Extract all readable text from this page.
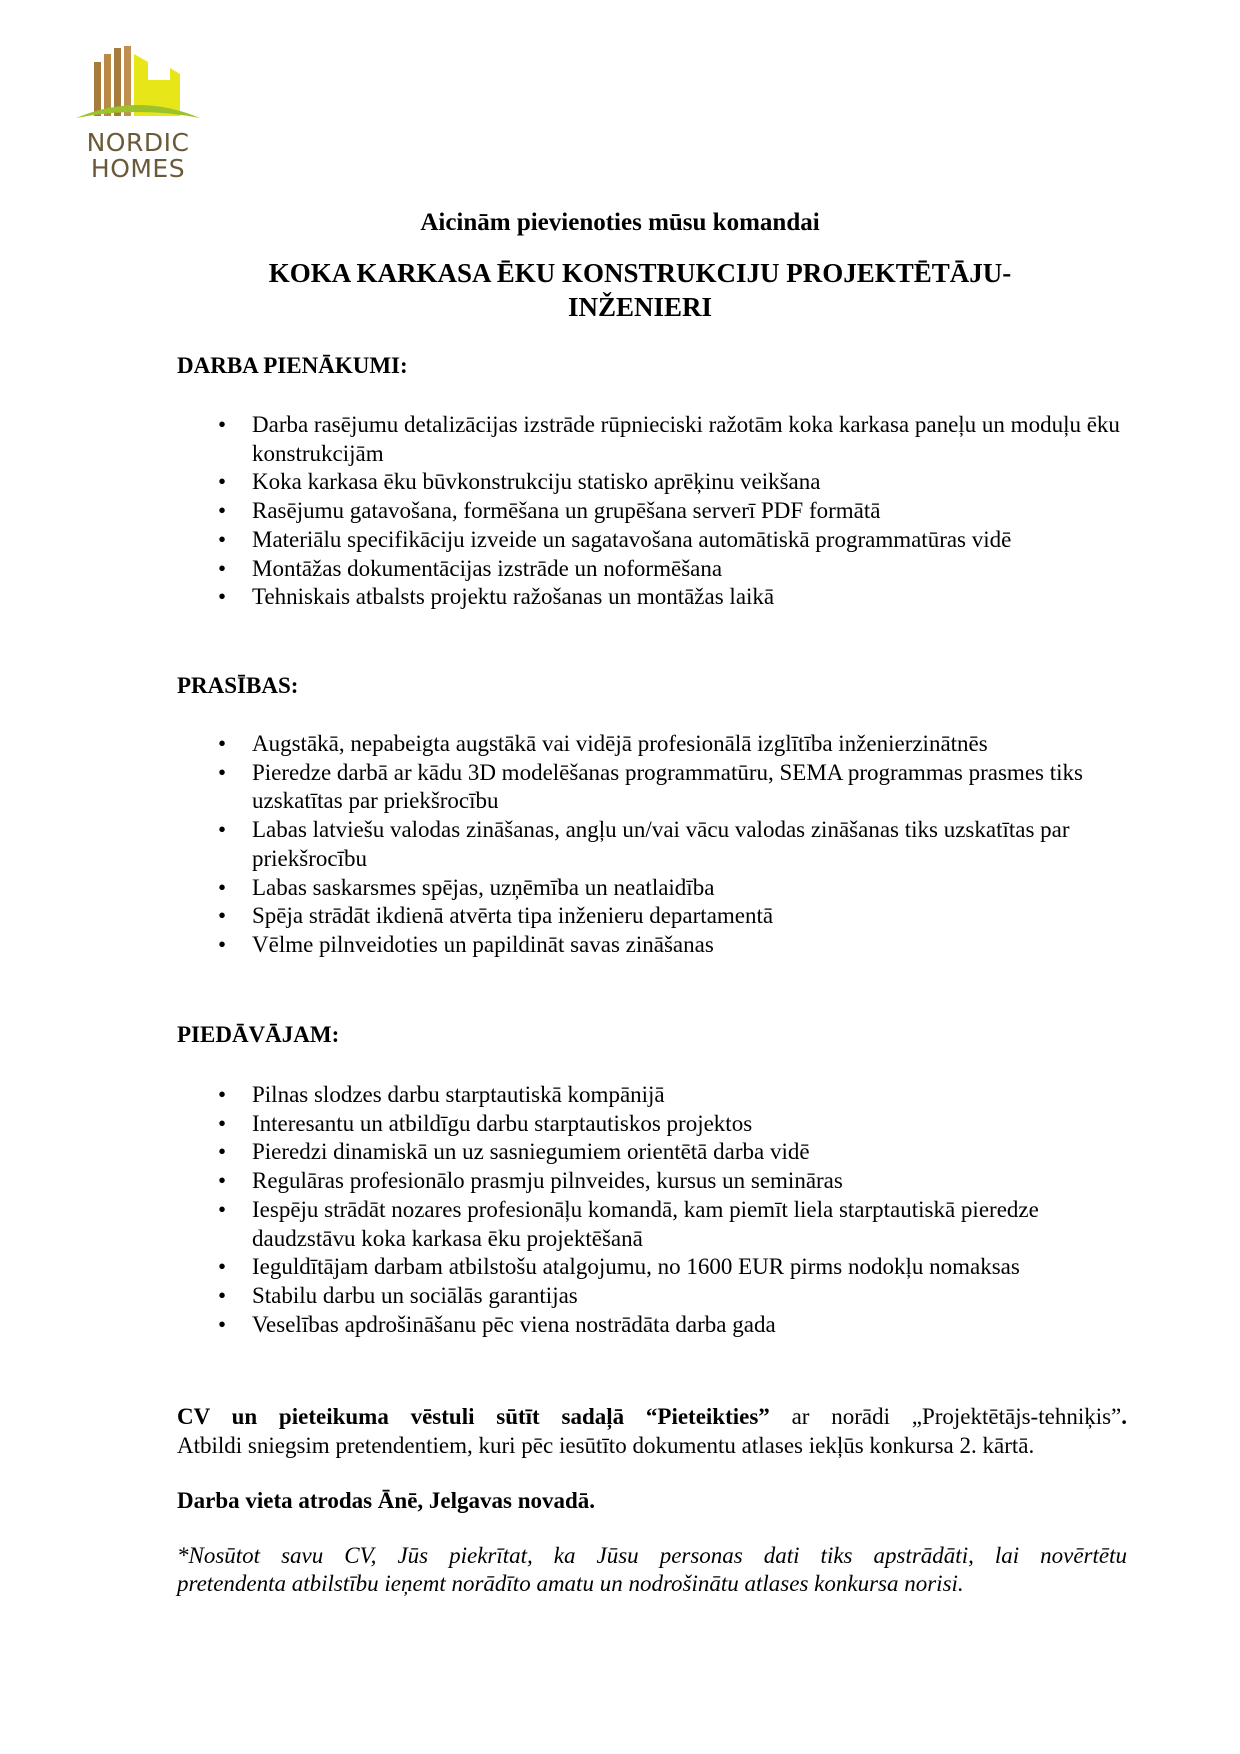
NORDIC
HOMES
Aicinām pievienoties mūsu komandai
KOKA KARKASA ĒKU KONSTRUKCIJU PROJEKTĒTĀJU-INŽENIERI
DARBA PIENĀKUMI:
• Darba rasējumu detalizācijas izstrāde rūpnieciski ražotām koka karkasa paneļu un moduļu ēku konstrukcijām
• Koka karkasa ēku būvkonstrukciju statisko aprēķinu veikšana
• Rasējumu gatavošana, formēšana un grupēšana serverī PDF formātā
• Materiālu specifikāciju izveide un sagatavošana automātiskā programmatūras vidē
• Montāžas dokumentācijas izstrāde un noformēšana
• Tehniskais atbalsts projektu ražošanas un montāžas laikā
PRASĪBAS:
• Augstākā, nepabeigta augstākā vai vidējā profesionālā izglītība inženierzinātnēs
• Pieredze darbā ar kādu 3D modelēšanas programmatūru, SEMA programmas prasmes tiks uzskatītas par priekšrocību
• Labas latviešu valodas zināšanas, angļu un/vai vācu valodas zināšanas tiks uzskatītas par priekšrocību
• Labas saskarsmes spējas, uzņēmība un neatlaidība
• Spēja strādāt ikdienā atvērta tipa inženieru departamentā
• Vēlme pilnveidoties un papildināt savas zināšanas
PIEDĀVĀJAM:
• Pilnas slodzes darbu starptautiskā kompānijā
• Interesantu un atbildīgu darbu starptautiskos projektos
• Pieredzi dinamiskā un uz sasniegumiem orientētā darba vidē
• Regulāras profesionālo prasmju pilnveides, kursus un semināras
• Iespēju strādāt nozares profesionāļu komandā, kam piemīt liela starptautiskā pieredze daudzstāvu koka karkasa ēku projektēšanā
• Ieguldītājam darbam atbilstošu atalgojumu, no 1600 EUR pirms nodokļu nomaksas
• Stabilu darbu un sociālās garantijas
• Veselības apdrošināšanu pēc viena nostrādāta darba gada
CV un pieteikuma vēstuli sūtīt sadaļā “Pieteikties” ar norādi „Projektētājs-tehniķis”.
Atbildi sniegsim pretendentiem, kuri pēc iesūtīto dokumentu atlases iekļūs konkursa 2. kārtā.
Darba vieta atrodas Ānē, Jelgavas novadā.
*Nosūtot savu CV, Jūs piekrītat, ka Jūsu personas dati tiks apstrādāti, lai novērtētu
pretendenta atbilstību ieņemt norādīto amatu un nodrošinātu atlases konkursa norisi.
